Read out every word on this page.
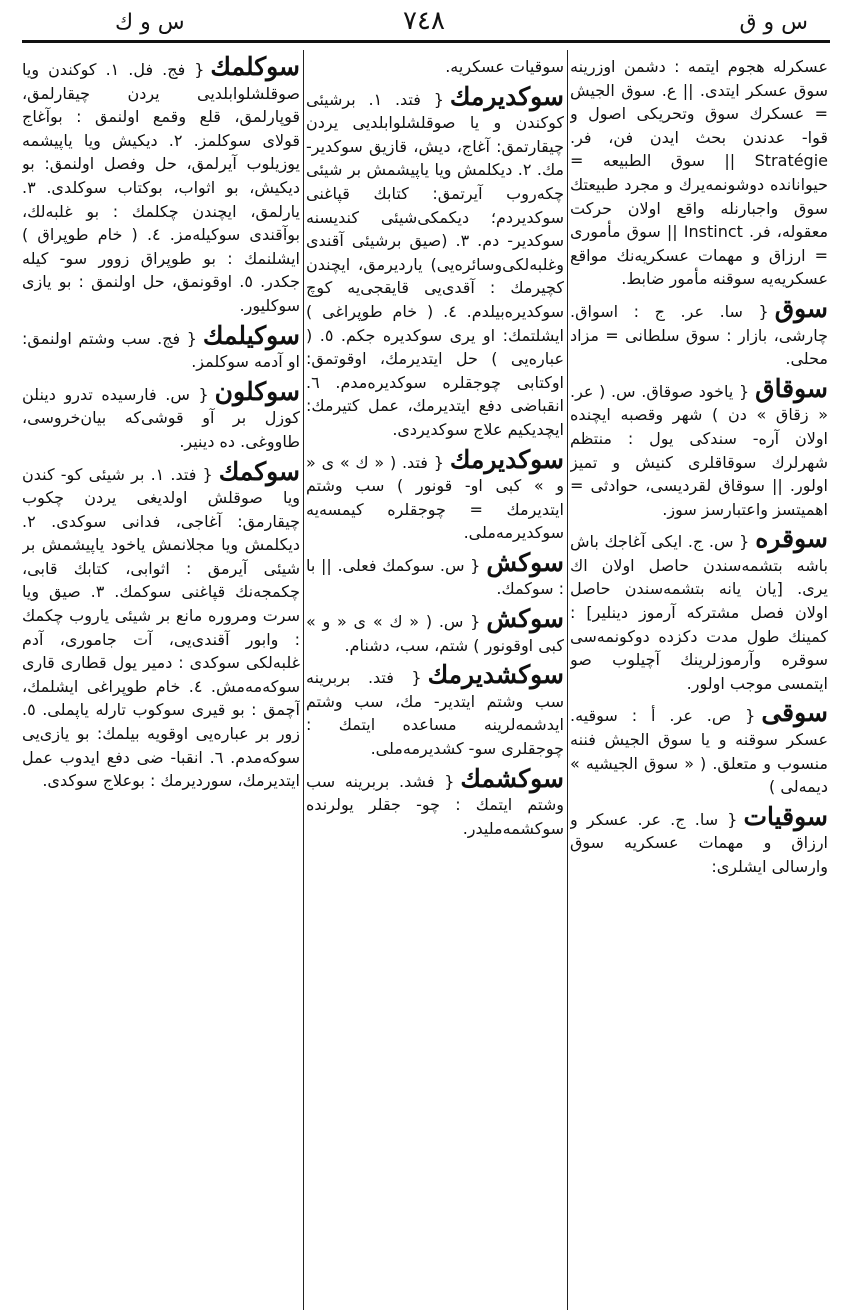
س و ق
٧٤٨
س و ك

عسکرله هجوم ایتمه : دشمن اوزرینه سوق عسکر ایتدی. || ع. سوق الجیش = عسکرك سوق وتحریکی اصول و قوا- عدندن بحث ایدن فن، فر. Stratégie || سوق الطبیعه = حیوانانده دوشونمه‌یرك و مجرد طبیعتك سوق واجبارنله واقع اولان حرکت معقوله، فر. Instinct || سوق مأموری = ارزاق و مهمات عسکریه‌نك مواقع عسکریه‌یه سوقنه مأمور ضابط.

سوق{ سا. عر. ج : اسواق. چارشی، بازار : سوق سلطانی = مزاد محلی.

سوقاق{ یاخود صوقاق. س. ( عر. « زقاق » دن ) شهر وقصبه ایچنده اولان آره- سندکی یول : منتظم شهرلرك سوقاقلری کنیش و تمیز اولور. || سوقاق لقردیسی، حوادثی = اهمیتسز واعتبارسز سوز.

سوقره{ س. ج. ایکی آغاجك باش باشه بتشمه‌سندن حاصل اولان اك یری. [یان یانه بتشمه‌سندن حاصل اولان فصل مشترکه آرموز دینلیر] : کمینك طول مدت دکزده دوکونمه‌سی سوقره وآرموزلرینك آچیلوب صو ایتمسی موجب اولور.

سوقی{ ص. عر. أ : سوقیه. عسکر سوقنه و یا سوق الجیش فننه منسوب و متعلق. ( « سوق الجیشیه » دیمه‌لی )

سوقیات{ سا. ج. عر. عسکر و ارزاق و مهمات عسکریه سوق وارسالی ایشلری:

سوقیات عسکریه.

سوکدیرمك{ فتد. ۱. برشیئی کوکندن و یا صوقلشلوابلدیی یردن چیقارتمق: آغاج، دیش، قازیق سوکدیر- مك. ۲. دیکلمش ویا یاپیشمش بر شیئی چکه‌روب آیرتمق: کتابك قپاغنی سوکدیردم؛ دیکمکی‌شیئی کندیسنه سوکدیر- دم. ۳. (صیق برشیئی آقندی وغلبه‌لکی‌وسائره‌یی) یاردیرمق، ایچندن کچیرمك : آقدی‌یی قایقجی‌یه کوچ سوکدیره‌بیلدم. ٤. ( خام طوپراغی ) ایشلتمك: او یری سوکدیره جکم. ٥. ( عباره‌یی ) حل ایتدیرمك، اوقوتمق: اوکتابی چوجقلره سوکدیره‌مدم. ٦. انقباضی دفع ایتدیرمك، عمل کتیرمك: ایچدیکیم علاج سوکدیردی.

سوکدیرمك{ فتد. ( « ك » ی « و » کبی او- قونور ) سب وشتم ایتدیرمك = چوجقلره کیمسه‌یه سوکدیرمه‌ملی.

سوکش{ س. سوکمك فعلی. || با : سوکمك.

سوکش{ س. ( « ك » ی « و » کبی اوقونور ) شتم، سب، دشنام.

سوکشدیرمك{ فتد. بربرینه سب وشتم ایتدیر- مك، سب وشتم ایدشمه‌لرینه مساعده ایتمك : چوجقلری سو- کشدیرمه‌ملی.

سوکشمك{ فشد. بربرینه سب وشتم ایتمك : چو- جقلر یولرنده سوکشمه‌ملیدر.

سوکلمك{ فج. فل. ۱. کوکندن ویا صوقلشلوابلدیی یردن چیقارلمق، قوپارلمق، قلع وقمع اولنمق : بوآغاج قولای سوکلمز. ۲. دیکیش ویا یاپیشمه یوزیلوب آیرلمق، حل وفصل اولنمق: بو دیکیش، بو اثواب، بوکتاب سوکلدی. ۳. یارلمق، ایچندن چکلمك : بو غلبه‌لك، بوآقندی سوکیله‌مز. ٤. ( خام طوپراق ) ایشلنمك : بو طوپراق زوور سو- کیله جکدر. ٥. اوقونمق، حل اولنمق : بو یازی سوکلیور.

سوکیلمك{ فج. سب وشتم اولنمق: او آدمه سوکلمز.

سوکلون{ س. فارسیده تدرو دینلن کوزل بر آو قوشی‌که بیان‌خروسی، طاووغی. ده دینیر.

سوکمك{ فتد. ۱. بر شیئی کو- کندن ویا صوقلش اولدیغی یردن چکوب چیقارمق: آغاجی، فدانی سوکدی. ۲. دیکلمش ویا مجلانمش یاخود یاپیشمش بر شیئی آیرمق : اثوابی، کتابك قابی، چکمجه‌نك قپاغنی سوکمك. ۳. صیق ویا سرت ومروره مانع بر شیئی یاروب چکمك : وابور آقندی‌یی، آت جاموری، آدم غلبه‌لکی سوکدی : دمیر یول قطاری قاری سوکه‌مه‌مش. ٤. خام طوپراغی ایشلمك، آچمق : بو قیری سوکوب تارله یاپملی. ٥. زور بر عباره‌یی اوقویه بیلمك: بو یازی‌یی سوکه‌مدم. ٦. انقبا- ضی دفع ایدوب عمل ایتدیرمك، سوردیرمك : بوعلاج سوکدی.
